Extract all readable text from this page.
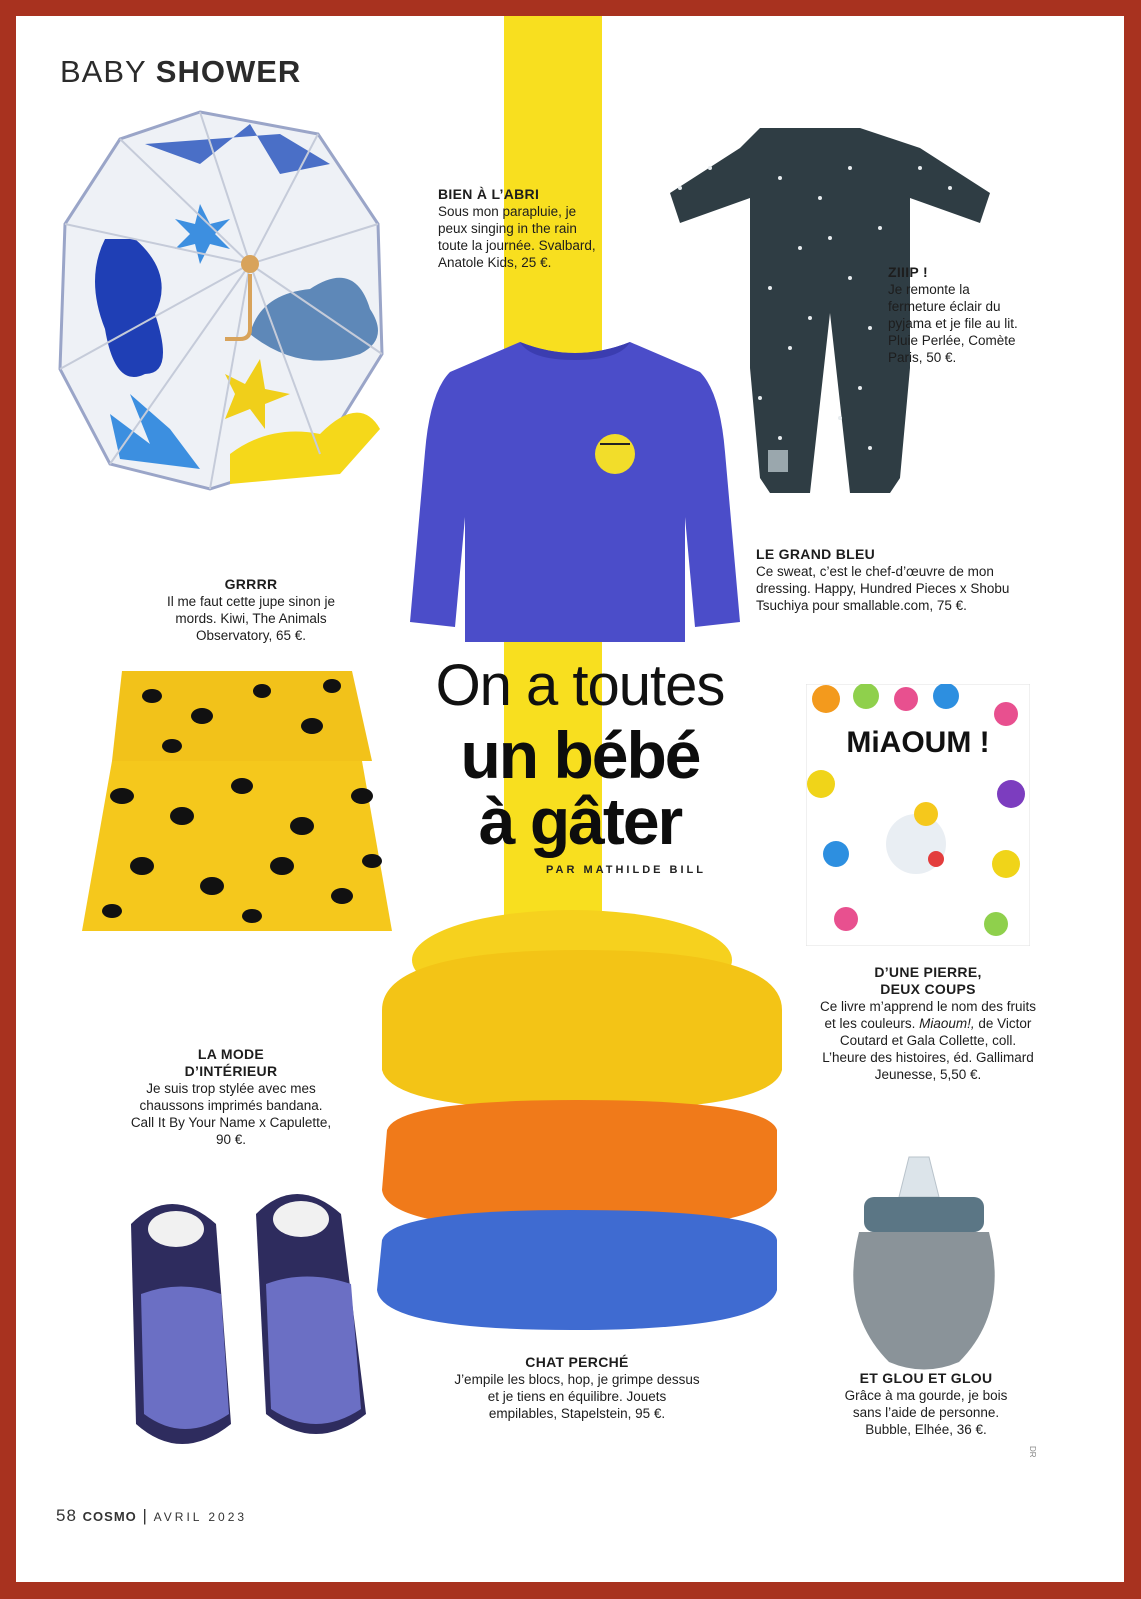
BABY SHOWER
BIEN À L’ABRI
Sous mon parapluie, je peux singing in the rain toute la journée. Svalbard, Anatole Kids, 25 €.
ZIIIP !
Je remonte la fermeture éclair du pyjama et je file au lit. Pluie Perlée, Comète Paris, 50 €.
LE GRAND BLEU
Ce sweat, c’est le chef-d’œuvre de mon dressing. Happy, Hundred Pieces x Shobu Tsuchiya pour smallable.com, 75 €.
GRRRR
Il me faut cette jupe sinon je mords. Kiwi, The Animals Observatory, 65 €.
On a toutes
un bébé
à gâter
PAR MATHILDE BILL
MiAOUM !
D’UNE PIERRE,
DEUX COUPS
Ce livre m’apprend le nom des fruits et les couleurs. Miaoum!, de Victor Coutard et Gala Collette, coll. L’heure des histoires, éd. Gallimard Jeunesse, 5,50 €.
CHAT PERCHÉ
J’empile les blocs, hop, je grimpe dessus et je tiens en équilibre. Jouets empilables, Stapelstein, 95 €.
LA MODE
D’INTÉRIEUR
Je suis trop stylée avec mes chaussons imprimés bandana. Call It By Your Name x Capulette, 90 €.
ET GLOU ET GLOU
Grâce à ma gourde, je bois sans l’aide de personne. Bubble, Elhée, 36 €.
DR
58 COSMO | AVRIL 2023
